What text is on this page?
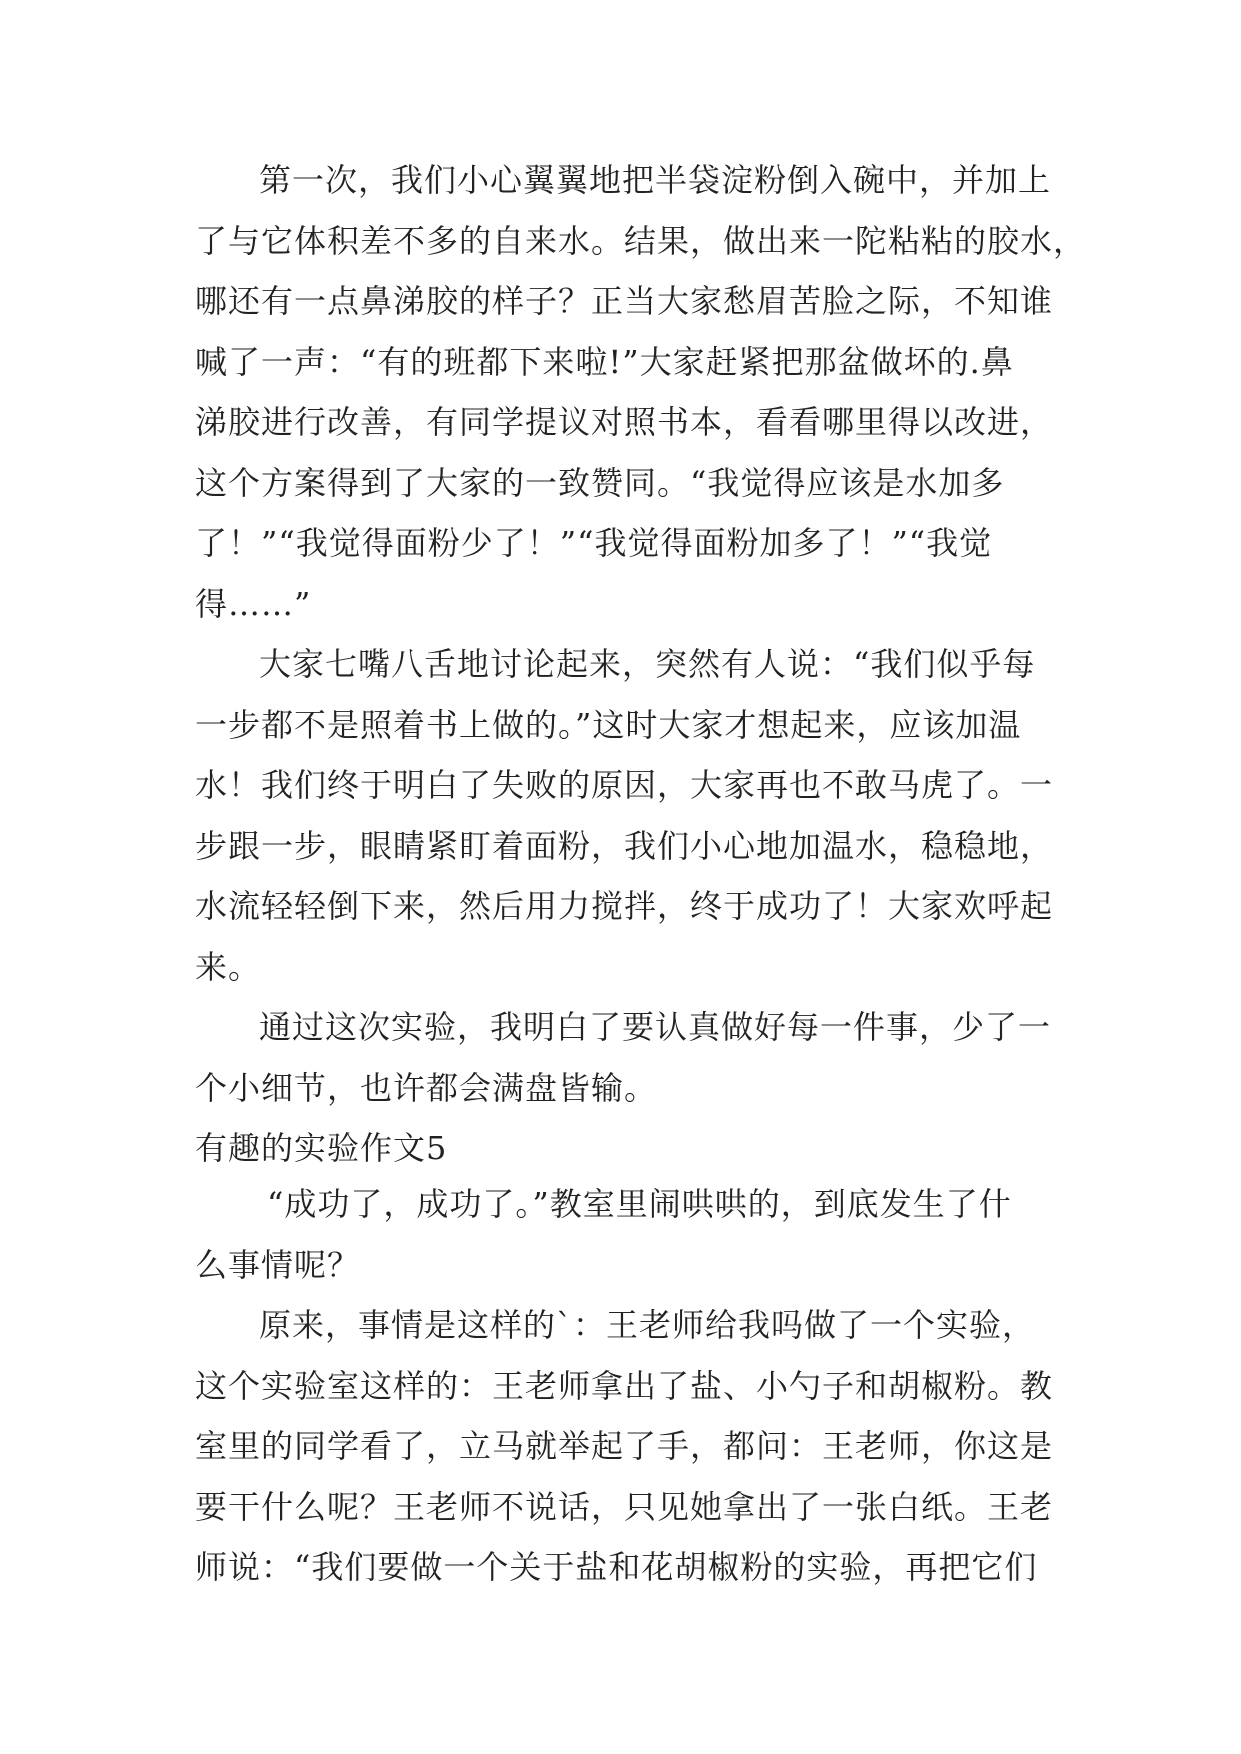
第一次，我们小心翼翼地把半袋淀粉倒入碗中，并加上
了与它体积差不多的自来水。结果，做出来一陀粘粘的胶水，
哪还有一点鼻涕胶的样子？正当大家愁眉苦脸之际，不知谁
喊了一声：“有的班都下来啦!”大家赶紧把那盆做坏的.鼻
涕胶进行改善，有同学提议对照书本，看看哪里得以改进，
这个方案得到了大家的一致赞同。“我觉得应该是水加多
了！”“我觉得面粉少了！”“我觉得面粉加多了！”“我觉
得……”
大家七嘴八舌地讨论起来，突然有人说：“我们似乎每
一步都不是照着书上做的。”这时大家才想起来，应该加温
水！我们终于明白了失败的原因，大家再也不敢马虎了。一
步跟一步，眼睛紧盯着面粉，我们小心地加温水，稳稳地，
水流轻轻倒下来，然后用力搅拌，终于成功了！大家欢呼起
来。
通过这次实验，我明白了要认真做好每一件事，少了一
个小细节，也许都会满盘皆输。
有趣的实验作文5
“成功了，成功了。”教室里闹哄哄的，到底发生了什
么事情呢？
原来，事情是这样的`：王老师给我吗做了一个实验，
这个实验室这样的：王老师拿出了盐、小勺子和胡椒粉。教
室里的同学看了，立马就举起了手，都问：王老师，你这是
要干什么呢？王老师不说话，只见她拿出了一张白纸。王老
师说：“我们要做一个关于盐和花胡椒粉的实验，再把它们
